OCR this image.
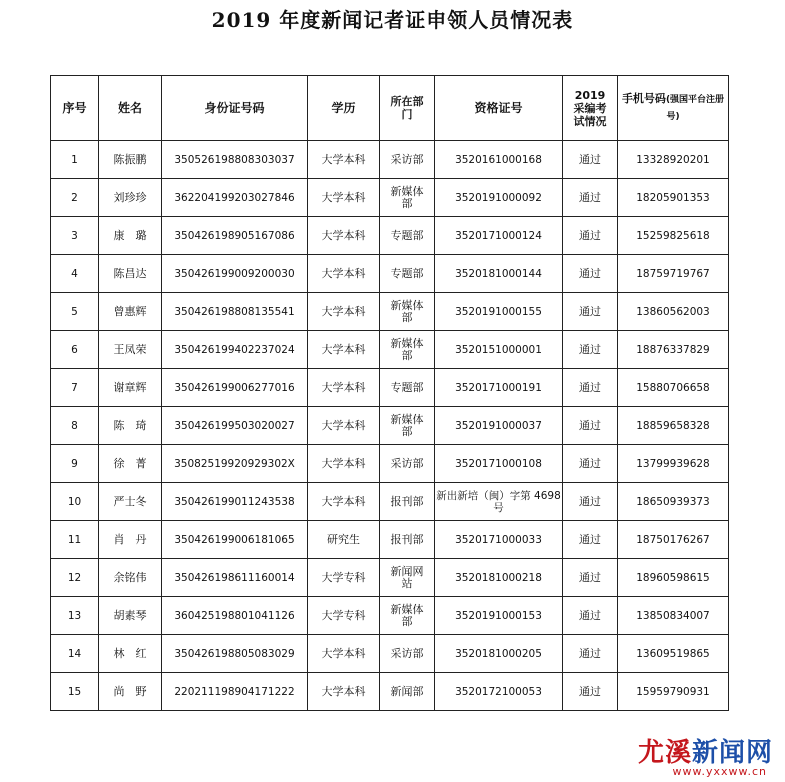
2019 年度新闻记者证申领人员情况表
序号	姓名	身份证号码	学历	所在部门	资格证号	2019 采编考试情况	手机号码(强国平台注册号)
1	陈振鹏	350526198808303037	大学本科	采访部	3520161000168	通过	13328920201
2	刘珍珍	362204199203027846	大学本科	新媒体部	3520191000092	通过	18205901353
3	康　璐	350426198905167086	大学本科	专题部	3520171000124	通过	15259825618
4	陈昌达	350426199009200030	大学本科	专题部	3520181000144	通过	18759719767
5	曾惠辉	350426198808135541	大学本科	新媒体部	3520191000155	通过	13860562003
6	王凤荣	350426199402237024	大学本科	新媒体部	3520151000001	通过	18876337829
7	谢章辉	350426199006277016	大学本科	专题部	3520171000191	通过	15880706658
8	陈　琦	350426199503020027	大学本科	新媒体部	3520191000037	通过	18859658328
9	徐　菁	35082519920929302X	大学本科	采访部	3520171000108	通过	13799939628
10	严士冬	350426199011243538	大学本科	报刊部	新出新培（闽）字第 4698 号	通过	18650939373
11	肖　丹	350426199006181065	研究生	报刊部	3520171000033	通过	18750176267
12	余铭伟	350426198611160014	大学专科	新闻网站	3520181000218	通过	18960598615
13	胡素琴	360425198801041126	大学专科	新媒体部	3520191000153	通过	13850834007
14	林　红	350426198805083029	大学本科	采访部	3520181000205	通过	13609519865
15	尚　野	220211198904171222	大学本科	新闻部	3520172100053	通过	15959790931
尤溪新闻网
www.yxxww.cn
